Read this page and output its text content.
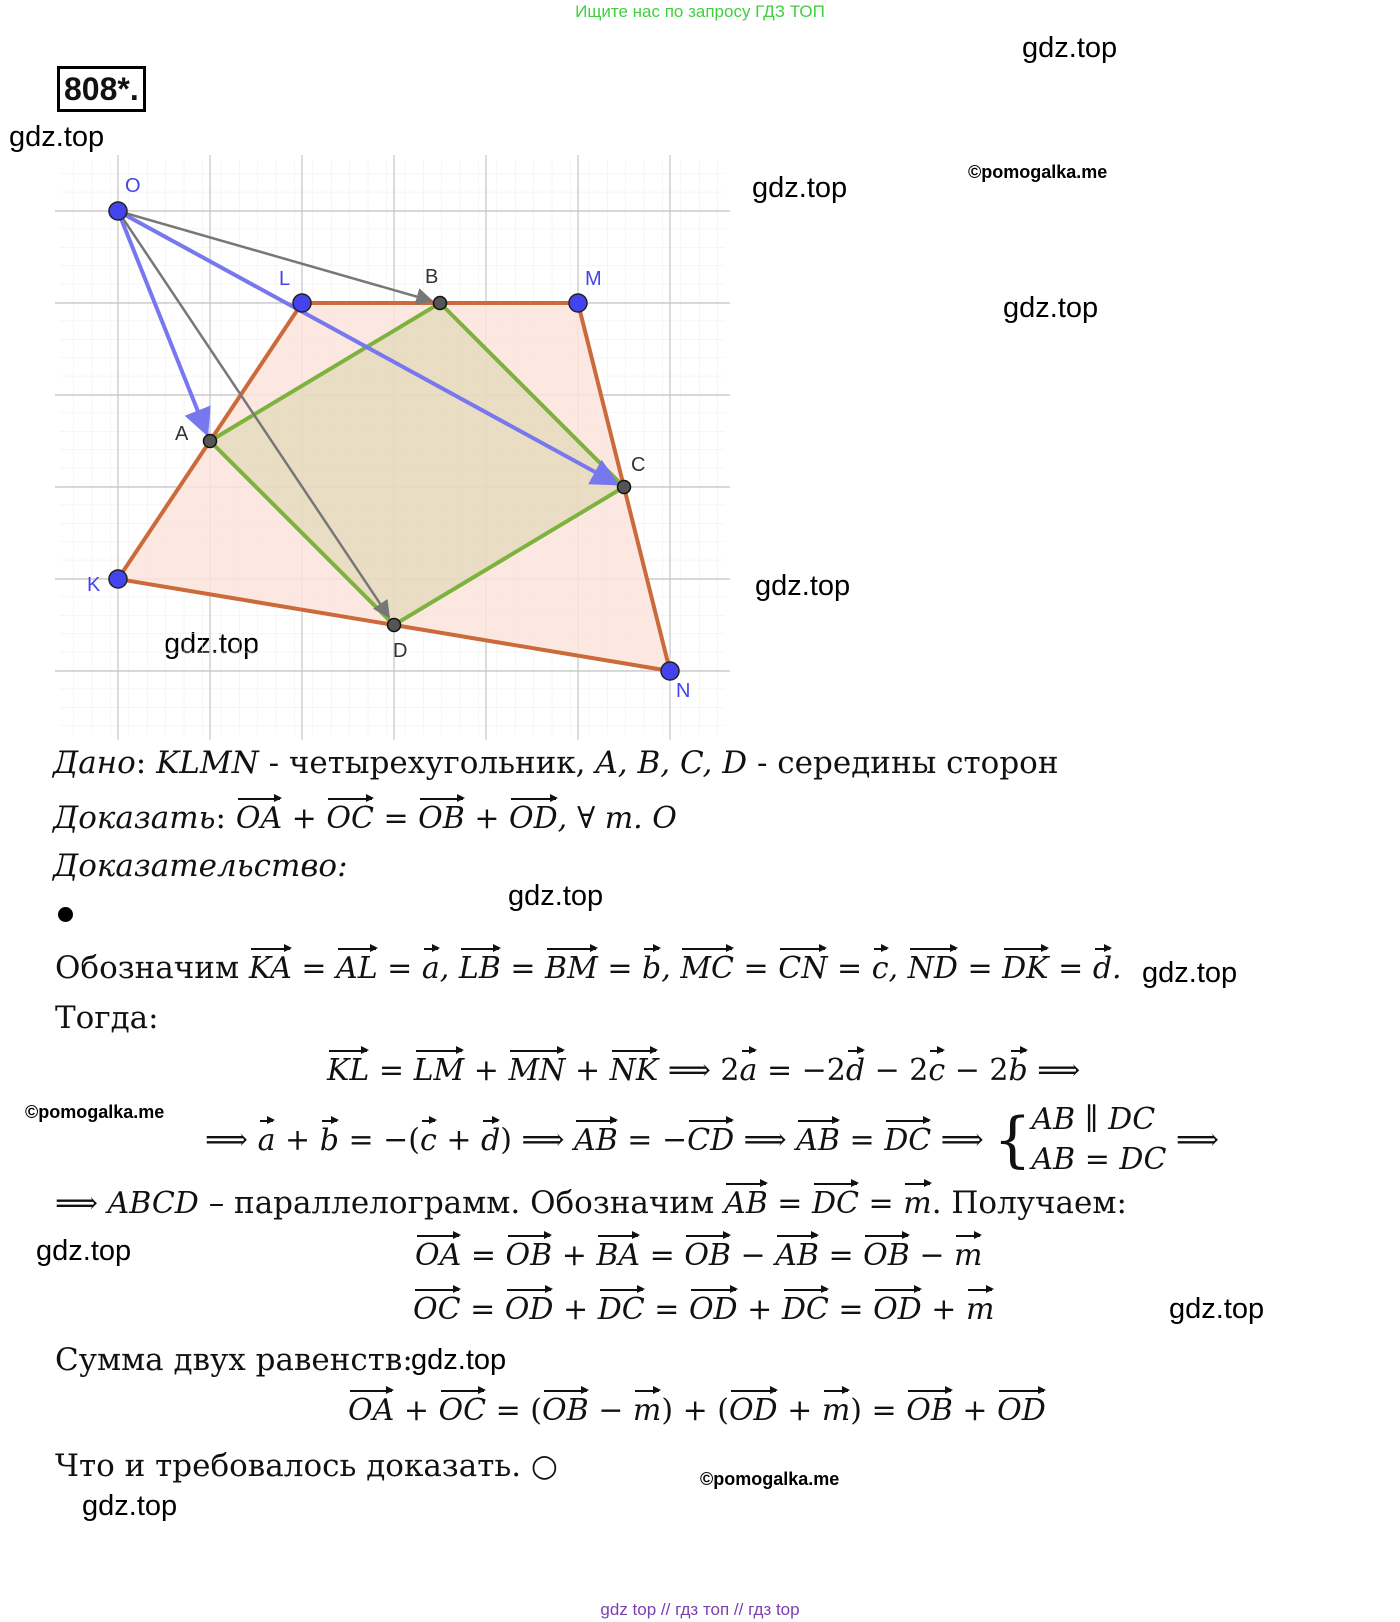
Ищите нас по запросу ГДЗ ТОП
808*.
gdz.top
gdz.top
gdz.top	©pomogalka.me
gdz.top
gdz.top
gdz.top
gdz.top
©pomogalka.me
gdz.top
gdz.top
gdz.top
©pomogalka.me
gdz.top
O
L	B	M
A
C
K
D
N
Дано: KLMN - четырехугольник, A, B, C, D - середины сторон
Доказать: OA + OC = OB + OD, ∀ т. O
Доказательство:
Обозначим KA = AL = a, LB = BM = b, MC = CN = c, ND = DK = d.
Тогда:
KL = LM + MN + NK ⟹ 2a = −2d − 2c − 2b ⟹
⟹ a + b = −(c + d) ⟹ AB = −CD ⟹ AB = DC ⟹ {AB ∥ DC
AB = DC ⟹
⟹ ABCD – параллелограмм. Обозначим AB = DC = m. Получаем:
OA = OB + BA = OB − AB = OB − m
OC = OD + DC = OD + DC = OD + m
Сумма двух равенств:
OA + OC = (OB − m) + (OD + m) = OB + OD
Что и требовалось доказать. ○
gdz top // гдз топ // гдз top
